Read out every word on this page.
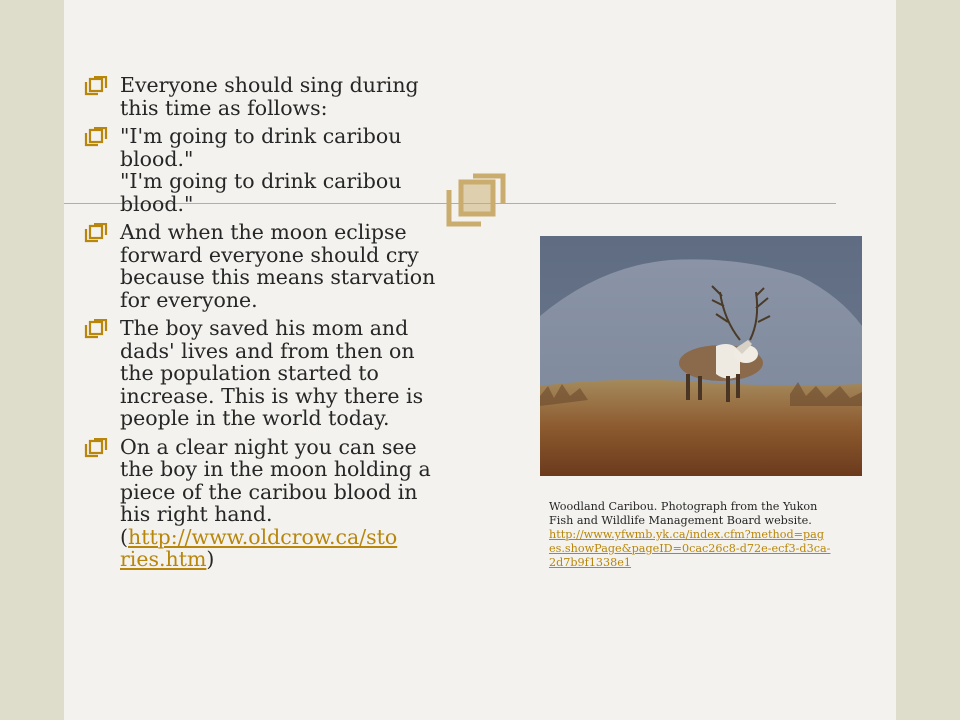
Everyone should sing during
this time as follows:
"I'm going to drink caribou
blood."
"I'm going to drink caribou
blood."
And when the moon eclipse
forward everyone should cry
because this means starvation
for everyone.
The boy saved his mom and
dads' lives and from then on
the population started to
increase. This is why there is
people in the world today.
On a clear night you can see
the boy in the moon holding a
piece of the caribou blood in
his right hand.
(http://www.oldcrow.ca/sto
ries.htm)
Woodland Caribou. Photograph from the Yukon
Fish and Wildlife Management Board website.
http://www.yfwmb.yk.ca/index.cfm?method=pag
es.showPage&pageID=0cac26c8-d72e-ecf3-d3ca-
2d7b9f1338e1
